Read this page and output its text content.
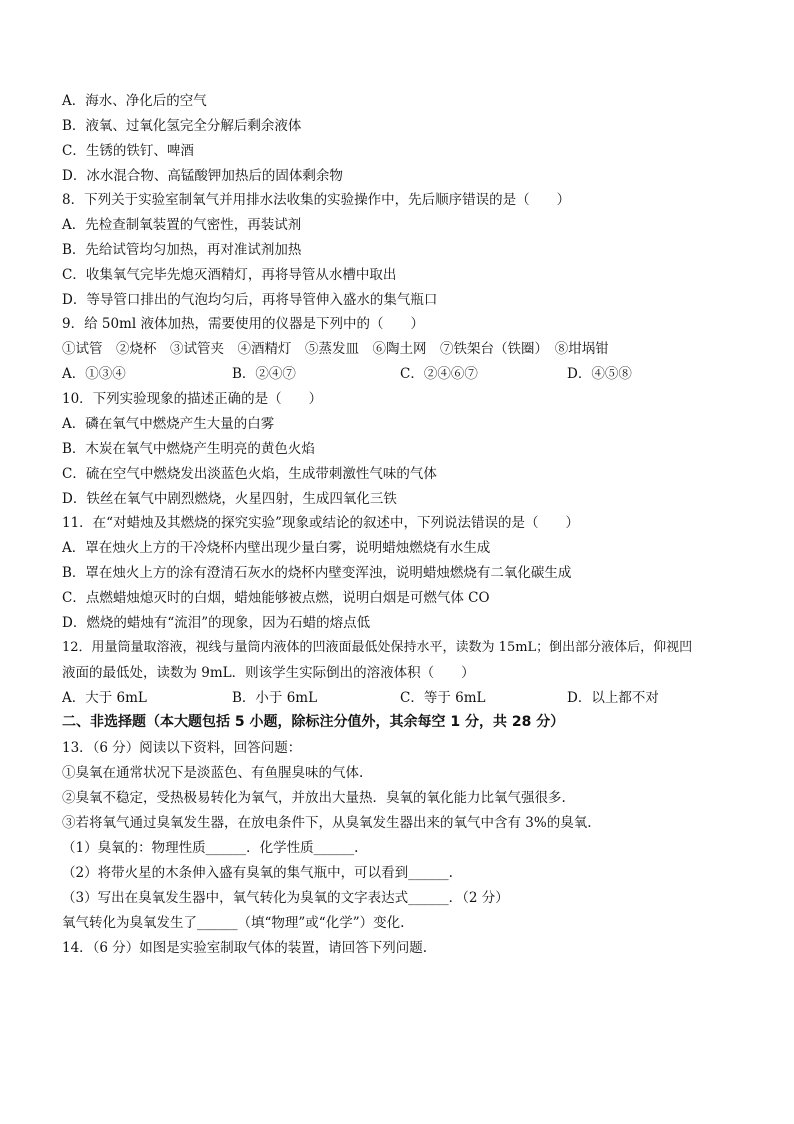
A．海水、净化后的空气
B．液氧、过氧化氢完全分解后剩余液体
C．生锈的铁钉、啤酒
D．冰水混合物、高锰酸钾加热后的固体剩余物
8．下列关于实验室制氧气并用排水法收集的实验操作中，先后顺序错误的是（　　）
A．先检查制氧装置的气密性，再装试剂
B．先给试管均匀加热，再对准试剂加热
C．收集氧气完毕先熄灭酒精灯，再将导管从水槽中取出
D．等导管口排出的气泡均匀后，再将导管伸入盛水的集气瓶口
9．给 50ml 液体加热，需要使用的仪器是下列中的（　　）
①试管　②烧杯　③试管夹　④酒精灯　⑤蒸发皿　⑥陶土网　⑦铁架台（铁圈）　⑧坩埚钳
A．①③④	B．②④⑦	C．②④⑥⑦	D．④⑤⑧
10．下列实验现象的描述正确的是（　　）
A．磷在氧气中燃烧产生大量的白雾
B．木炭在氧气中燃烧产生明亮的黄色火焰
C．硫在空气中燃烧发出淡蓝色火焰，生成带刺激性气味的气体
D．铁丝在氧气中剧烈燃烧，火星四射，生成四氧化三铁
11．在“对蜡烛及其燃烧的探究实验”现象或结论的叙述中，下列说法错误的是（　　）
A．罩在烛火上方的干冷烧杯内壁出现少量白雾，说明蜡烛燃烧有水生成
B．罩在烛火上方的涂有澄清石灰水的烧杯内壁变浑浊，说明蜡烛燃烧有二氧化碳生成
C．点燃蜡烛熄灭时的白烟，蜡烛能够被点燃，说明白烟是可燃气体 CO
D．燃烧的蜡烛有“流泪”的现象，因为石蜡的熔点低
12．用量筒量取溶液，视线与量筒内液体的凹液面最低处保持水平，读数为 15mL；倒出部分液体后，仰视凹
液面的最低处，读数为 9mL．则该学生实际倒出的溶液体积（　　）
A．大于 6mL	B．小于 6mL	C．等于 6mL	D．以上都不对
二、非选择题（本大题包括 5 小题，除标注分值外，其余每空 1 分，共 28 分）
13．（6 分）阅读以下资料，回答问题：
①臭氧在通常状况下是淡蓝色、有鱼腥臭味的气体.
②臭氧不稳定，受热极易转化为氧气，并放出大量热．臭氧的氧化能力比氧气强很多.
③若将氧气通过臭氧发生器，在放电条件下，从臭氧发生器出来的氧气中含有 3%的臭氧.
（1）臭氧的：物理性质______．化学性质______.
（2）将带火星的木条伸入盛有臭氧的集气瓶中，可以看到______.
（3）写出在臭氧发生器中，氧气转化为臭氧的文字表达式______．（2 分）
氧气转化为臭氧发生了______（填“物理”或“化学”）变化.
14．（6 分）如图是实验室制取气体的装置，请回答下列问题.
